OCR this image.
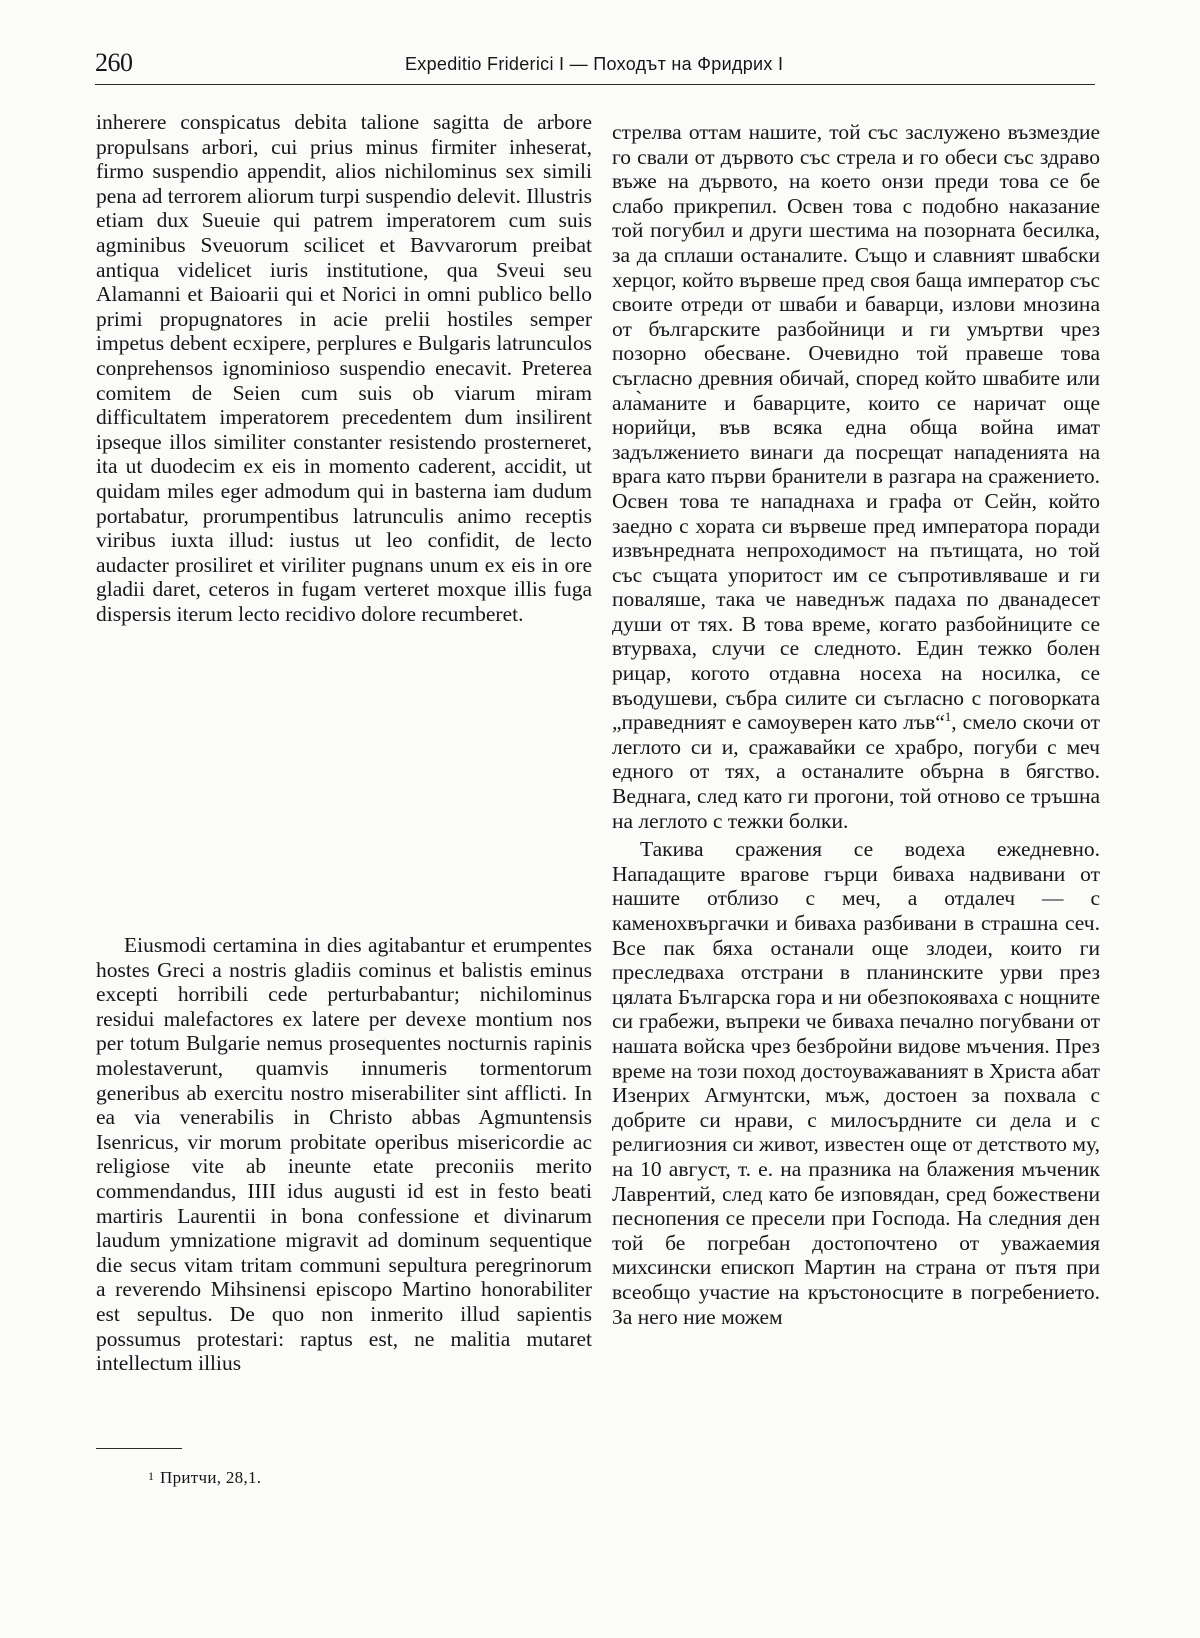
260	Expeditio Friderici I — Походът на Фридрих I

inherere conspicatus debita talione sagitta de arbore propulsans arbori, cui prius minus firmiter inheserat, firmo suspendio appendit, alios nichilominus sex simili pena ad terrorem aliorum turpi suspendio delevit. Illustris etiam dux Sueuie qui patrem imperatorem cum suis agminibus Sveuorum scilicet et Bavvarorum preibat antiqua videlicet iuris institutione, qua Sveui seu Alamanni et Baioarii qui et Norici in omni publico bello primi propugnatores in acie prelii hostiles semper impetus debent ecxipere, perplures e Bulgaris latrunculos conprehensos ignominioso suspendio enecavit. Preterea comitem de Seien cum suis ob viarum miram difficultatem imperatorem precedentem dum insilirent ipseque illos similiter constanter resistendo prosterneret, ita ut duodecim ex eis in momento caderent, accidit, ut quidam miles eger admodum qui in basterna iam dudum portabatur, prorumpentibus latrunculis animo receptis viribus iuxta illud: iustus ut leo confidit, de lecto audacter prosiliret et viriliter pugnans unum ex eis in ore gladii daret, ceteros in fugam verteret moxque illis fuga dispersis iterum lecto recidivo dolore recumberet.

Eiusmodi certamina in dies agitabantur et erumpentes hostes Greci a nostris gladiis cominus et balistis eminus excepti horribili cede perturbabantur; nichilominus residui malefactores ex latere per devexe montium nos per totum Bulgarie nemus prosequentes nocturnis rapinis molestaverunt, quamvis innumeris tormentorum generibus ab exercitu nostro miserabiliter sint afflicti. In ea via venerabilis in Christo abbas Agmuntensis Isenricus, vir morum probitate operibus misericordie ac religiose vite ab ineunte etate preconiis merito commendandus, IIII idus augusti id est in festo beati martiris Laurentii in bona confessione et divinarum laudum ymnizatione migravit ad dominum sequentique die secus vitam tritam communi sepultura peregrinorum a reverendo Mihsinensi episcopo Martino honorabiliter est sepultus. De quo non inmerito illud sapientis possumus protestari: raptus est, ne malitia mutaret intellectum illius

стрелва оттам нашите, той със заслужено възмездие го свали от дървото със стрела и го обеси със здраво въже на дървото, на което онзи преди това се бе слабо прикрепил. Освен това с подобно наказание той погубил и други шестима на позорната бесилка, за да сплаши останалите. Също и славният швабски херцог, който вървеше пред своя баща император със своите отреди от шваби и баварци, излови мнозина от българските разбойници и ги умъртви чрез позорно обесване. Очевидно той правеше това съгласно древния обичай, според който швабите или ала̀маните и баварците, които се наричат още норийци, във всяка една обща война имат задължението винаги да посрещат нападенията на врага като първи бранители в разгара на сражението. Освен това те нападнаха и графа от Сейн, който заедно с хората си вървеше пред императора поради извънредната непроходимост на пътищата, но той със същата упоритост им се съпротивляваше и ги поваляше, така че наведнъж падаха по дванадесет души от тях. В това време, когато разбойниците се втурваха, случи се следното. Един тежко болен рицар, когото отдавна носеха на носилка, се въодушеви, събра силите си съгласно с поговорката „праведният е самоуверен като лъв“$^1$, смело скочи от леглото си и, сражавайки се храбро, погуби с меч едного от тях, а останалите обърна в бягство. Веднага, след като ги прогони, той отново се тръшна на леглото с тежки болки.

Такива сражения се водеха ежедневно. Нападащите врагове гърци биваха надвивани от нашите отблизо с меч, а отдалеч — с каменохвъргачки и биваха разбивани в страшна сеч. Все пак бяха останали още злодеи, които ги преследваха отстрани в планинските урви през цялата Българска гора и ни обезпокояваха с нощните си грабежи, въпреки че биваха печално погубвани от нашата войска чрез безбройни видове мъчения. През време на този поход достоуважаваният в Христа абат Изенрих Агмунтски, мъж, достоен за похвала с добрите си нрави, с милосърдните си дела и с религиозния си живот, известен още от детството му, на 10 август, т. е. на празника на блажения мъченик Лаврентий, след като бе изповядан, сред божествени песнопения се пресели при Господа. На следния ден той бе погребан достопочтено от уважаемия михсински епископ Мартин на страна от пътя при всеобщо участие на кръстоносците в погребението. За него ние можем

$^1$ Притчи, 28,1.
